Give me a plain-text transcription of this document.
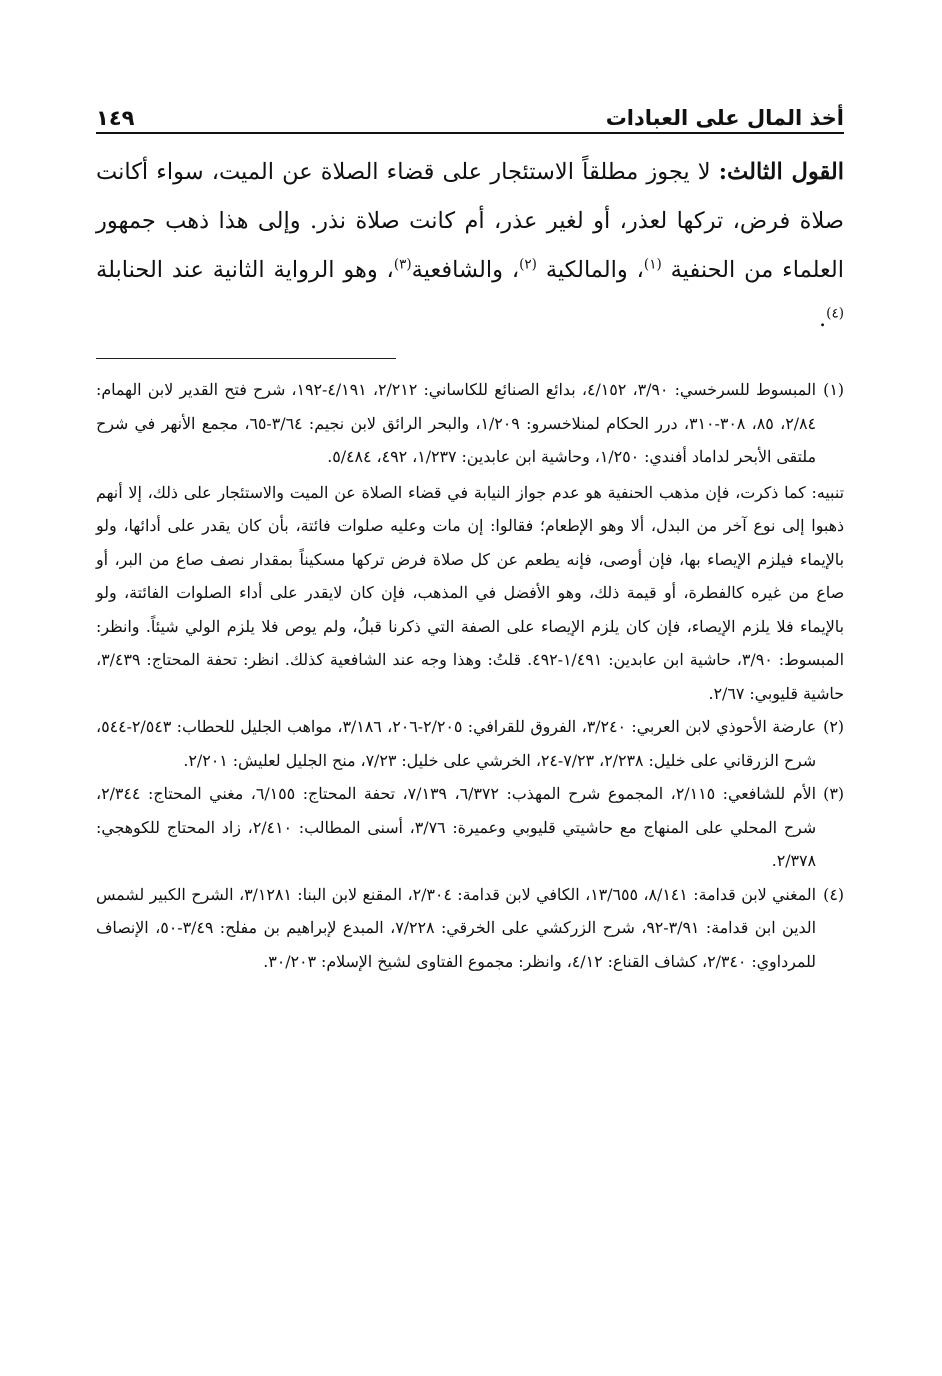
أخذ المال على العبادات
١٤٩
القول الثالث: لا يجوز مطلقاً الاستئجار على قضاء الصلاة عن الميت، سواء أكانت صلاة فرض، تركها لعذر، أو لغير عذر، أم كانت صلاة نذر. وإلى هذا ذهب جمهور العلماء من الحنفية $^{(١)}$، والمالكية $^{(٢)}$، والشافعية$^{(٣)}$، وهو الرواية الثانية عند الحنابلة $^{(٤)}$.
(١)
المبسوط للسرخسي: ٣/٩٠، ٤/١٥٢، بدائع الصنائع للكاساني: ٢/٢١٢، ٤/١٩١-١٩٢، شرح فتح القدير لابن الهمام: ٢/٨٤، ٨٥، ٣٠٨-٣١٠، درر الحكام لمنلاخسرو: ١/٢٠٩، والبحر الرائق لابن نجيم: ٣/٦٤-٦٥، مجمع الأنهر في شرح ملتقى الأبحر لداماد أفندي: ١/٢٥٠، وحاشية ابن عابدين: ١/٢٣٧، ٤٩٢، ٥/٤٨٤.
تنبيه: كما ذكرت، فإن مذهب الحنفية هو عدم جواز النيابة في قضاء الصلاة عن الميت والاستئجار على ذلك، إلا أنهم ذهبوا إلى نوع آخر من البدل، ألا وهو الإطعام؛ فقالوا: إن مات وعليه صلوات فائتة، بأن كان يقدر على أدائها، ولو بالإيماء فيلزم الإيصاء بها، فإن أوصى، فإنه يطعم عن كل صلاة فرض تركها مسكيناً بمقدار نصف صاع من البر، أو صاع من غيره كالفطرة، أو قيمة ذلك، وهو الأفضل في المذهب، فإن كان لايقدر على أداء الصلوات الفائتة، ولو بالإيماء فلا يلزم الإيصاء، فإن كان يلزم الإيصاء على الصفة التي ذكرنا قبلُ، ولم يوص فلا يلزم الولي شيئاً. وانظر: المبسوط: ٣/٩٠، حاشية ابن عابدين: ١/٤٩١-٤٩٢. قلتُ: وهذا وجه عند الشافعية كذلك. انظر: تحفة المحتاج: ٣/٤٣٩، حاشية قليوبي: ٢/٦٧.
(٢)
عارضة الأحوذي لابن العربي: ٣/٢٤٠، الفروق للقرافي: ٢/٢٠٥-٢٠٦، ٣/١٨٦، مواهب الجليل للحطاب: ٢/٥٤٣-٥٤٤، شرح الزرقاني على خليل: ٢/٢٣٨، ٧/٢٣-٢٤، الخرشي على خليل: ٧/٢٣، منح الجليل لعليش: ٢/٢٠١.
(٣)
الأم للشافعي: ٢/١١٥، المجموع شرح المهذب: ٦/٣٧٢، ٧/١٣٩، تحفة المحتاج: ٦/١٥٥، مغني المحتاج: ٢/٣٤٤، شرح المحلي على المنهاج مع حاشيتي قليوبي وعميرة: ٣/٧٦، أسنى المطالب: ٢/٤١٠، زاد المحتاج للكوهجي: ٢/٣٧٨.
(٤)
المغني لابن قدامة: ٨/١٤١، ١٣/٦٥٥، الكافي لابن قدامة: ٢/٣٠٤، المقنع لابن البنا: ٣/١٢٨١، الشرح الكبير لشمس الدين ابن قدامة: ٣/٩١-٩٢، شرح الزركشي على الخرقي: ٧/٢٢٨، المبدع لإبراهيم بن مفلح: ٣/٤٩-٥٠، الإنصاف للمرداوي: ٢/٣٤٠، كشاف القناع: ٤/١٢، وانظر: مجموع الفتاوى لشيخ الإسلام: ٣٠/٢٠٣.
